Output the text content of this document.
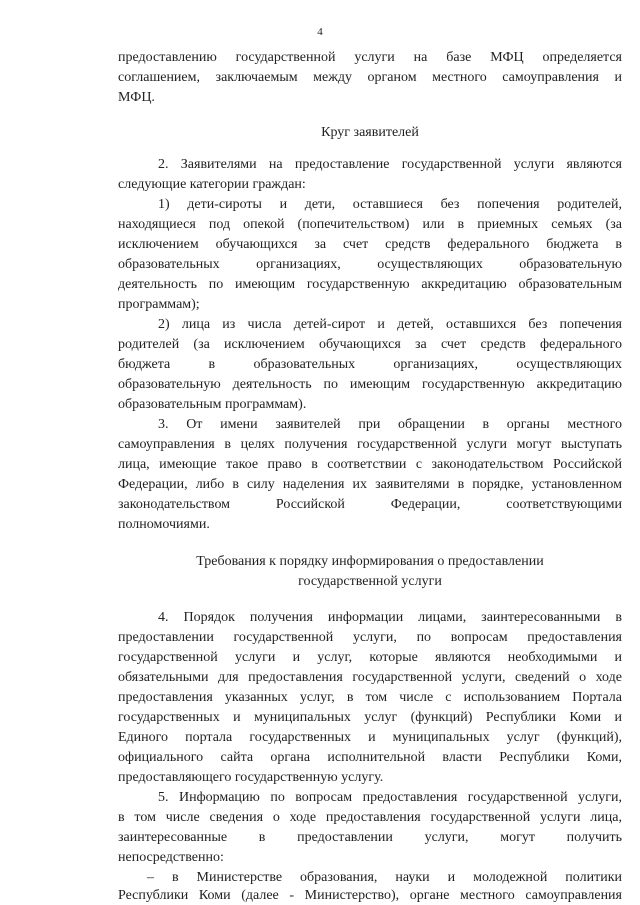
4
предоставлению государственной услуги на базе МФЦ определяется
соглашением, заключаемым между органом местного самоуправления и
МФЦ.
Круг заявителей
2. Заявителями на предоставление государственной услуги являются
следующие категории граждан:
1) дети-сироты и дети, оставшиеся без попечения родителей,
находящиеся под опекой (попечительством) или в приемных семьях (за
исключением обучающихся за счет средств федерального бюджета в
образовательных организациях, осуществляющих образовательную
деятельность по имеющим государственную аккредитацию образовательным
программам);
2) лица из числа детей-сирот и детей, оставшихся без попечения
родителей (за исключением обучающихся за счет средств федерального
бюджета в образовательных организациях, осуществляющих
образовательную деятельность по имеющим государственную аккредитацию
образовательным программам).
3. От имени заявителей при обращении в органы местного
самоуправления в целях получения государственной услуги могут выступать
лица, имеющие такое право в соответствии с законодательством Российской
Федерации, либо в силу наделения их заявителями в порядке, установленном
законодательством Российской Федерации, соответствующими
полномочиями.
Требования к порядку информирования о предоставлении
государственной услуги
4. Порядок получения информации лицами, заинтересованными в
предоставлении государственной услуги, по вопросам предоставления
государственной услуги и услуг, которые являются необходимыми и
обязательными для предоставления государственной услуги, сведений о ходе
предоставления указанных услуг, в том числе с использованием Портала
государственных и муниципальных услуг (функций) Республики Коми и
Единого портала государственных и муниципальных услуг (функций),
официального сайта органа исполнительной власти Республики Коми,
предоставляющего государственную услугу.
5. Информацию по вопросам предоставления государственной услуги,
в том числе сведения о ходе предоставления государственной услуги лица,
заинтересованные в предоставлении услуги, могут получить
непосредственно:
– в Министерстве образования, науки и молодежной политики
Республики Коми (далее - Министерство), органе местного самоуправления
